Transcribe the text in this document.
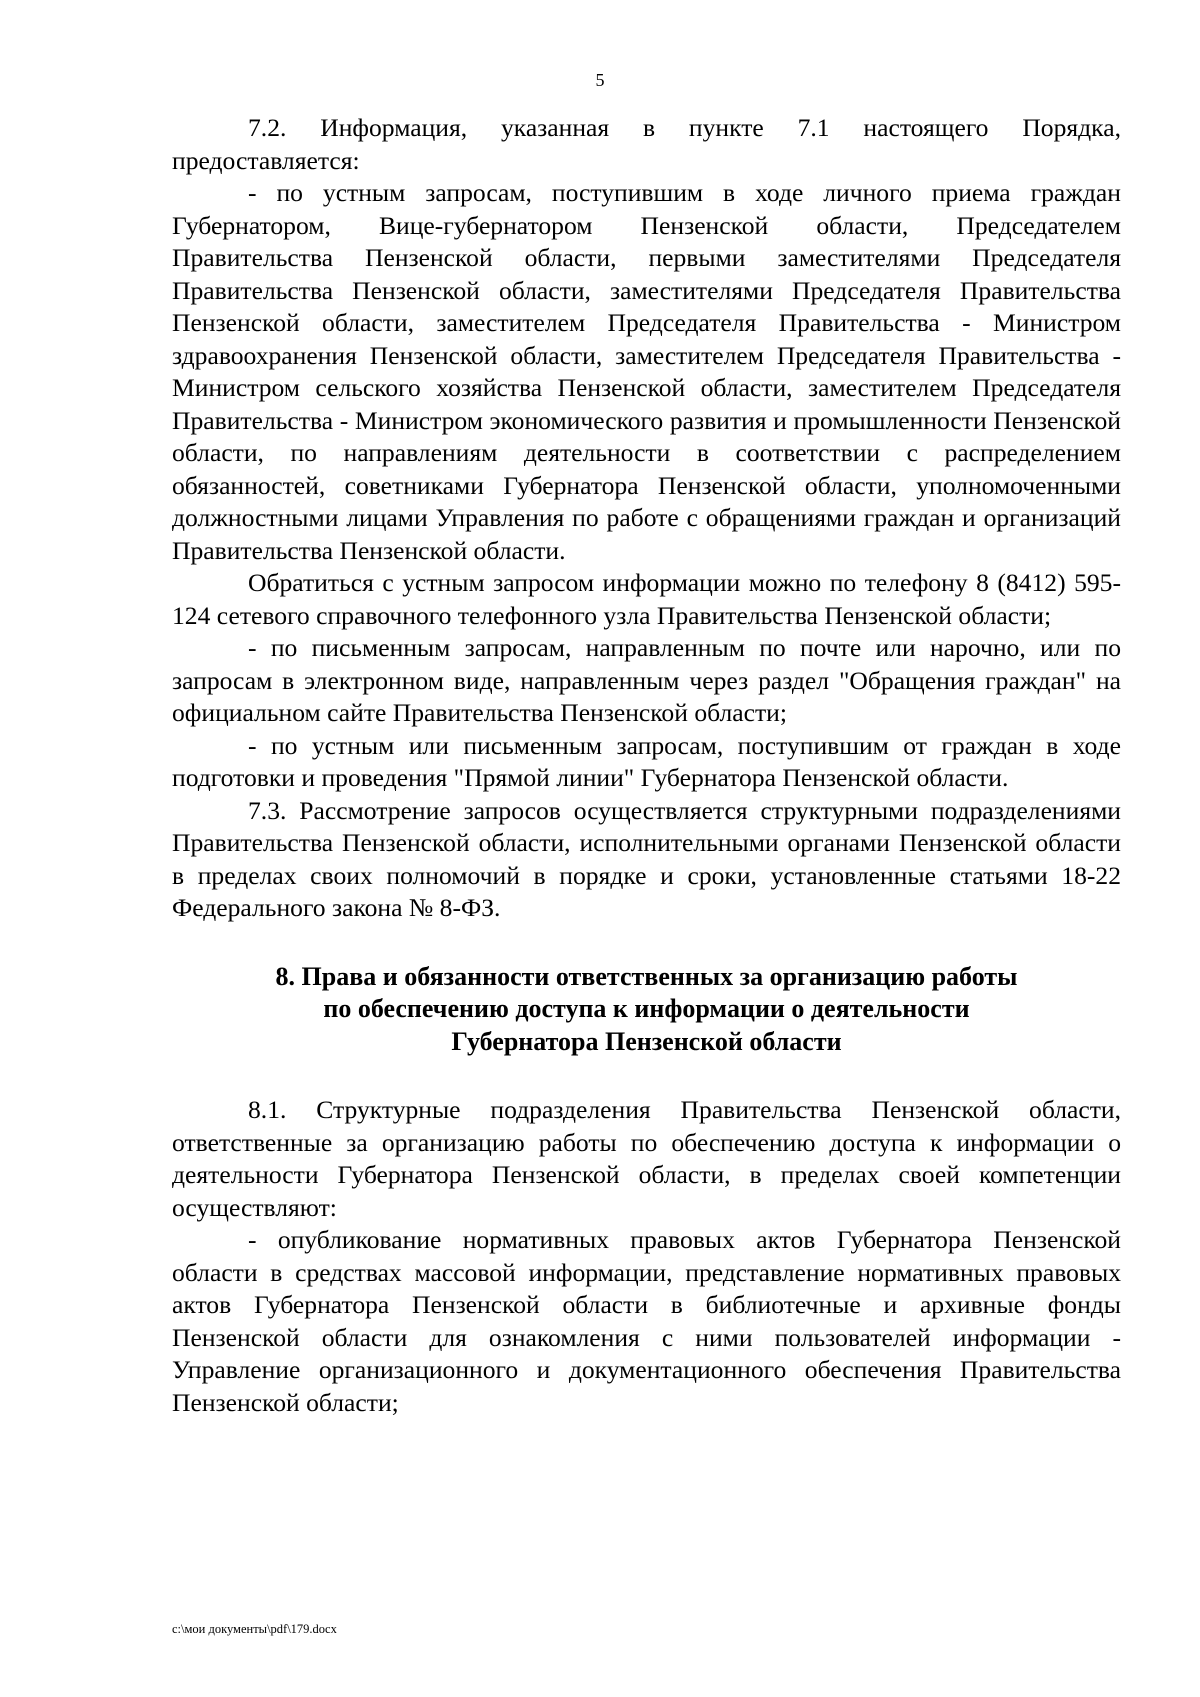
5

7.2. Информация, указанная в пункте 7.1 настоящего Порядка, предоставляется:

- по устным запросам, поступившим в ходе личного приема граждан Губернатором, Вице-губернатором Пензенской области, Председателем Правительства Пензенской области, первыми заместителями Председателя Правительства Пензенской области, заместителями Председателя Правительства Пензенской области, заместителем Председателя Правительства - Министром здравоохранения Пензенской области, заместителем Председателя Правительства - Министром сельского хозяйства Пензенской области, заместителем Председателя Правительства - Министром экономического развития и промышленности Пензенской области, по направлениям деятельности в соответствии с распределением обязанностей, советниками Губернатора Пензенской области, уполномоченными должностными лицами Управления по работе с обращениями граждан и организаций Правительства Пензенской области.

Обратиться с устным запросом информации можно по телефону 8 (8412) 595-124 сетевого справочного телефонного узла Правительства Пензенской области;

- по письменным запросам, направленным по почте или нарочно, или по запросам в электронном виде, направленным через раздел "Обращения граждан" на официальном сайте Правительства Пензенской области;

- по устным или письменным запросам, поступившим от граждан в ходе подготовки и проведения "Прямой линии" Губернатора Пензенской области.

7.3. Рассмотрение запросов осуществляется структурными подразделениями Правительства Пензенской области, исполнительными органами Пензенской области в пределах своих полномочий в порядке и сроки, установленные статьями 18-22 Федерального закона № 8-ФЗ.

8. Права и обязанности ответственных за организацию работы
по обеспечению доступа к информации о деятельности
Губернатора Пензенской области

8.1. Структурные подразделения Правительства Пензенской области, ответственные за организацию работы по обеспечению доступа к информации о деятельности Губернатора Пензенской области, в пределах своей компетенции осуществляют:

- опубликование нормативных правовых актов Губернатора Пензенской области в средствах массовой информации, представление нормативных правовых актов Губернатора Пензенской области в библиотечные и архивные фонды Пензенской области для ознакомления с ними пользователей информации - Управление организационного и документационного обеспечения Правительства Пензенской области;

c:\мои документы\pdf\179.docx
